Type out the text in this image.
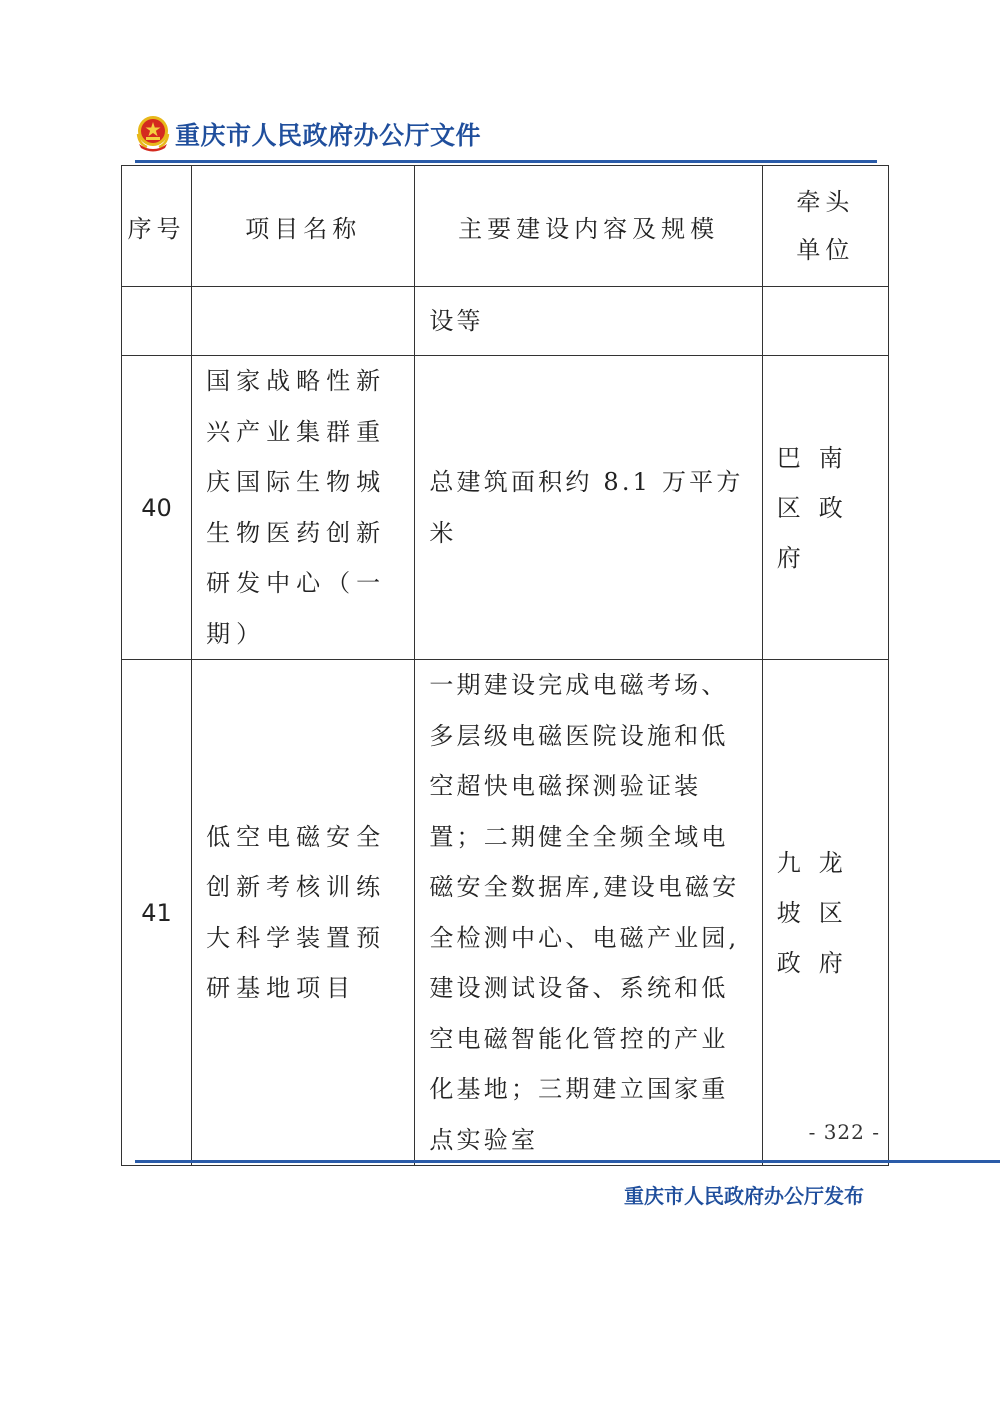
重庆市人民政府办公厅文件
序号	项目名称	主要建设内容及规模	牵头单位
		设等	
40	国家战略性新兴产业集群重庆国际生物城生物医药创新研发中心（一期）	总建筑面积约 8.1 万平方米	巴南区政府
41	低空电磁安全创新考核训练大科学装置预研基地项目	一期建设完成电磁考场、多层级电磁医院设施和低空超快电磁探测验证装置；二期健全全频全域电磁安全数据库,建设电磁安全检测中心、电磁产业园,建设测试设备、系统和低空电磁智能化管控的产业化基地；三期建立国家重点实验室	九龙坡区政府
- 322 -
重庆市人民政府办公厅发布
